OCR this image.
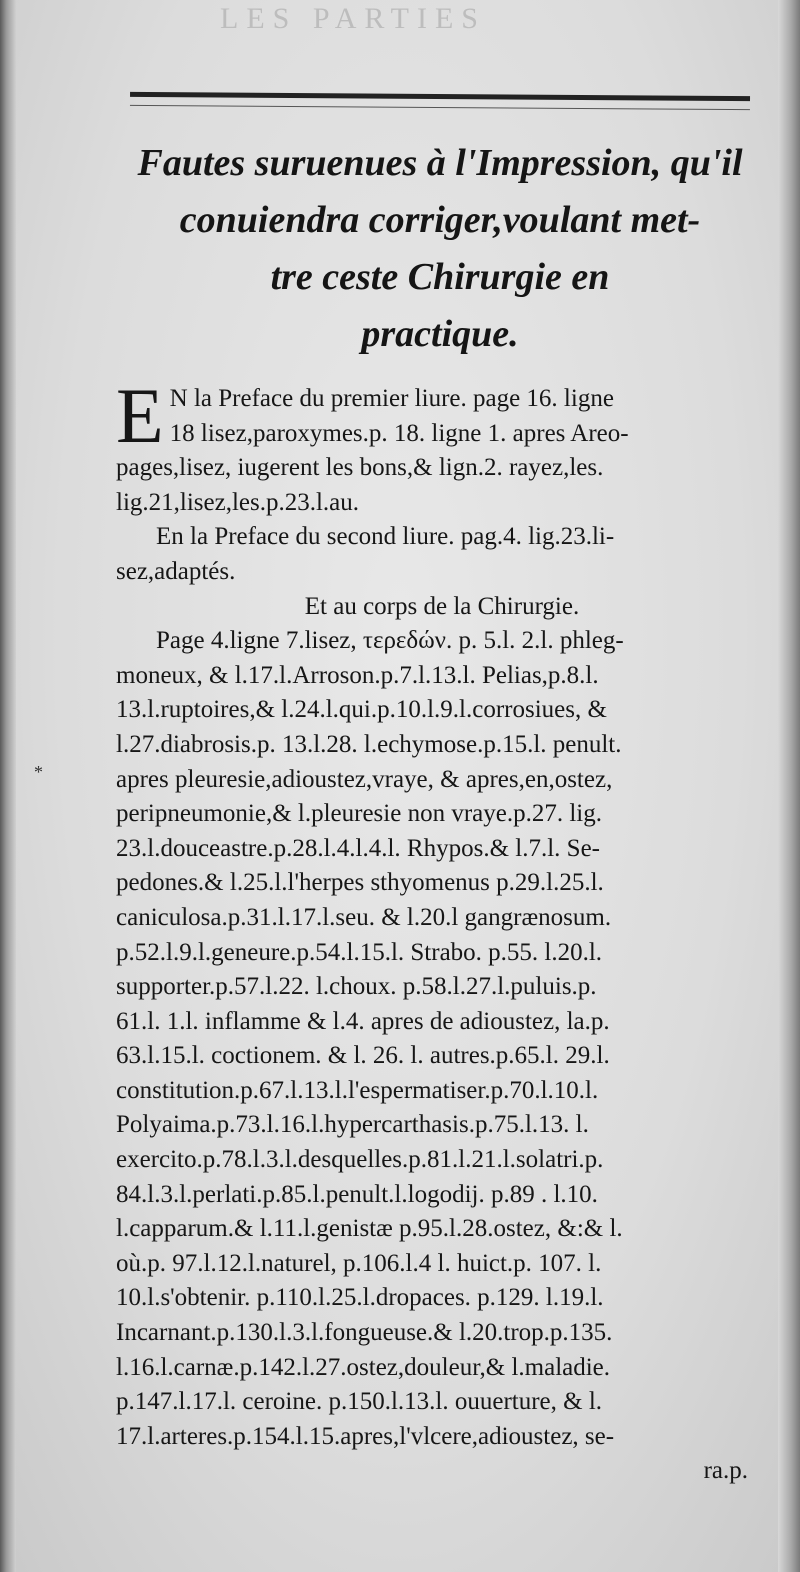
LES PARTIES
Fautes suruenues à l'Impression, qu'il
conuiendra corriger,voulant met-
tre ceste Chirurgie en
practique.
*
E N la Preface du premier liure. page 16. ligne
18 lisez,paroxymes.p. 18. ligne 1. apres Areo-
pages,lisez, iugerent les bons,& lign.2. rayez,les.
lig.21,lisez,les.p.23.l.au.
En la Preface du second liure. pag.4. lig.23.li-
sez,adaptés.
Et au corps de la Chirurgie.
Page 4.ligne 7.lisez, τερεδών. p. 5.l. 2.l. phleg-
moneux, & l.17.l.Arroson.p.7.l.13.l. Pelias,p.8.l.
13.l.ruptoires,& l.24.l.qui.p.10.l.9.l.corrosiues, &
l.27.diabrosis.p. 13.l.28. l.echymose.p.15.l. penult.
apres pleuresie,adioustez,vraye, & apres,en,ostez,
peripneumonie,& l.pleuresie non vraye.p.27. lig.
23.l.douceastre.p.28.l.4.l.4.l. Rhypos.& l.7.l. Se-
pedones.& l.25.l.l'herpes sthyomenus p.29.l.25.l.
caniculosa.p.31.l.17.l.seu. & l.20.l gangrænosum.
p.52.l.9.l.geneure.p.54.l.15.l. Strabo. p.55. l.20.l.
supporter.p.57.l.22. l.choux. p.58.l.27.l.puluis.p.
61.l. 1.l. inflamme & l.4. apres de adioustez, la.p.
63.l.15.l. coctionem. & l. 26. l. autres.p.65.l. 29.l.
constitution.p.67.l.13.l.l'espermatiser.p.70.l.10.l.
Polyaima.p.73.l.16.l.hypercarthasis.p.75.l.13. l.
exercito.p.78.l.3.l.desquelles.p.81.l.21.l.solatri.p.
84.l.3.l.perlati.p.85.l.penult.l.logodij. p.89 . l.10.
l.capparum.& l.11.l.genistæ p.95.l.28.ostez, &:& l.
où.p. 97.l.12.l.naturel, p.106.l.4 l. huict.p. 107. l.
10.l.s'obtenir. p.110.l.25.l.dropaces. p.129. l.19.l.
Incarnant.p.130.l.3.l.fongueuse.& l.20.trop.p.135.
l.16.l.carnæ.p.142.l.27.ostez,douleur,& l.maladie.
p.147.l.17.l. ceroine. p.150.l.13.l. ouuerture, & l.
17.l.arteres.p.154.l.15.apres,l'vlcere,adioustez, se-
ra.p.
